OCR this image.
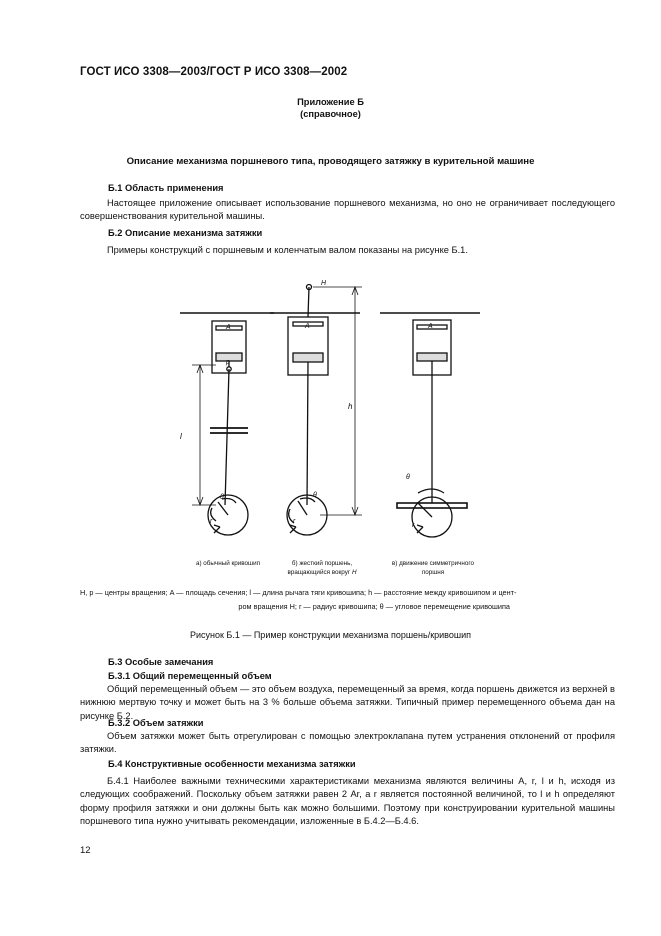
ГОСТ ИСО 3308—2003/ГОСТ Р ИСО 3308—2002
Приложение Б
(справочное)
Описание механизма поршневого типа, проводящего затяжку в курительной машине
Б.1 Область применения
Настоящее приложение описывает использование поршневого механизма, но оно не ограничивает последующего совершенствования курительной машины.
Б.2 Описание механизма затяжки
Примеры конструкций с поршневым и коленчатым валом показаны на рисунке Б.1.
A
p
l
θ
r
H
A
h
θ
r
A
θ
r
а) обычный кривошип	б) жесткий поршень,
вращающийся вокруг H
в) движение симметричного
поршня
H, p — центры вращения; A — площадь сечения; l — длина рычага тяги кривошипа; h — расстояние между кривошипом и цент-
ром вращения H; r — радиус кривошипа; θ — угловое перемещение кривошипа
Рисунок Б.1 — Пример конструкции механизма поршень/кривошип
Б.3 Особые замечания
Б.3.1 Общий перемещенный объем
Общий перемещенный объем — это объем воздуха, перемещенный за время, когда поршень движется из верхней в нижнюю мертвую точку и может быть на 3 % больше объема затяжки. Типичный пример перемещенного объема дан на рисунке Б.2.
Б.3.2 Объем затяжки
Объем затяжки может быть отрегулирован с помощью электроклапана путем устранения отклонений от профиля затяжки.
Б.4 Конструктивные особенности механизма затяжки
Б.4.1 Наиболее важными техническими характеристиками механизма являются величины A, r, l и h, исходя из следующих соображений. Поскольку объем затяжки равен 2 Ar, а r является постоянной величиной, то l и h определяют форму профиля затяжки и они должны быть как можно большими. Поэтому при конструировании курительной машины поршневого типа нужно учитывать рекомендации, изложенные в Б.4.2—Б.4.6.
12
